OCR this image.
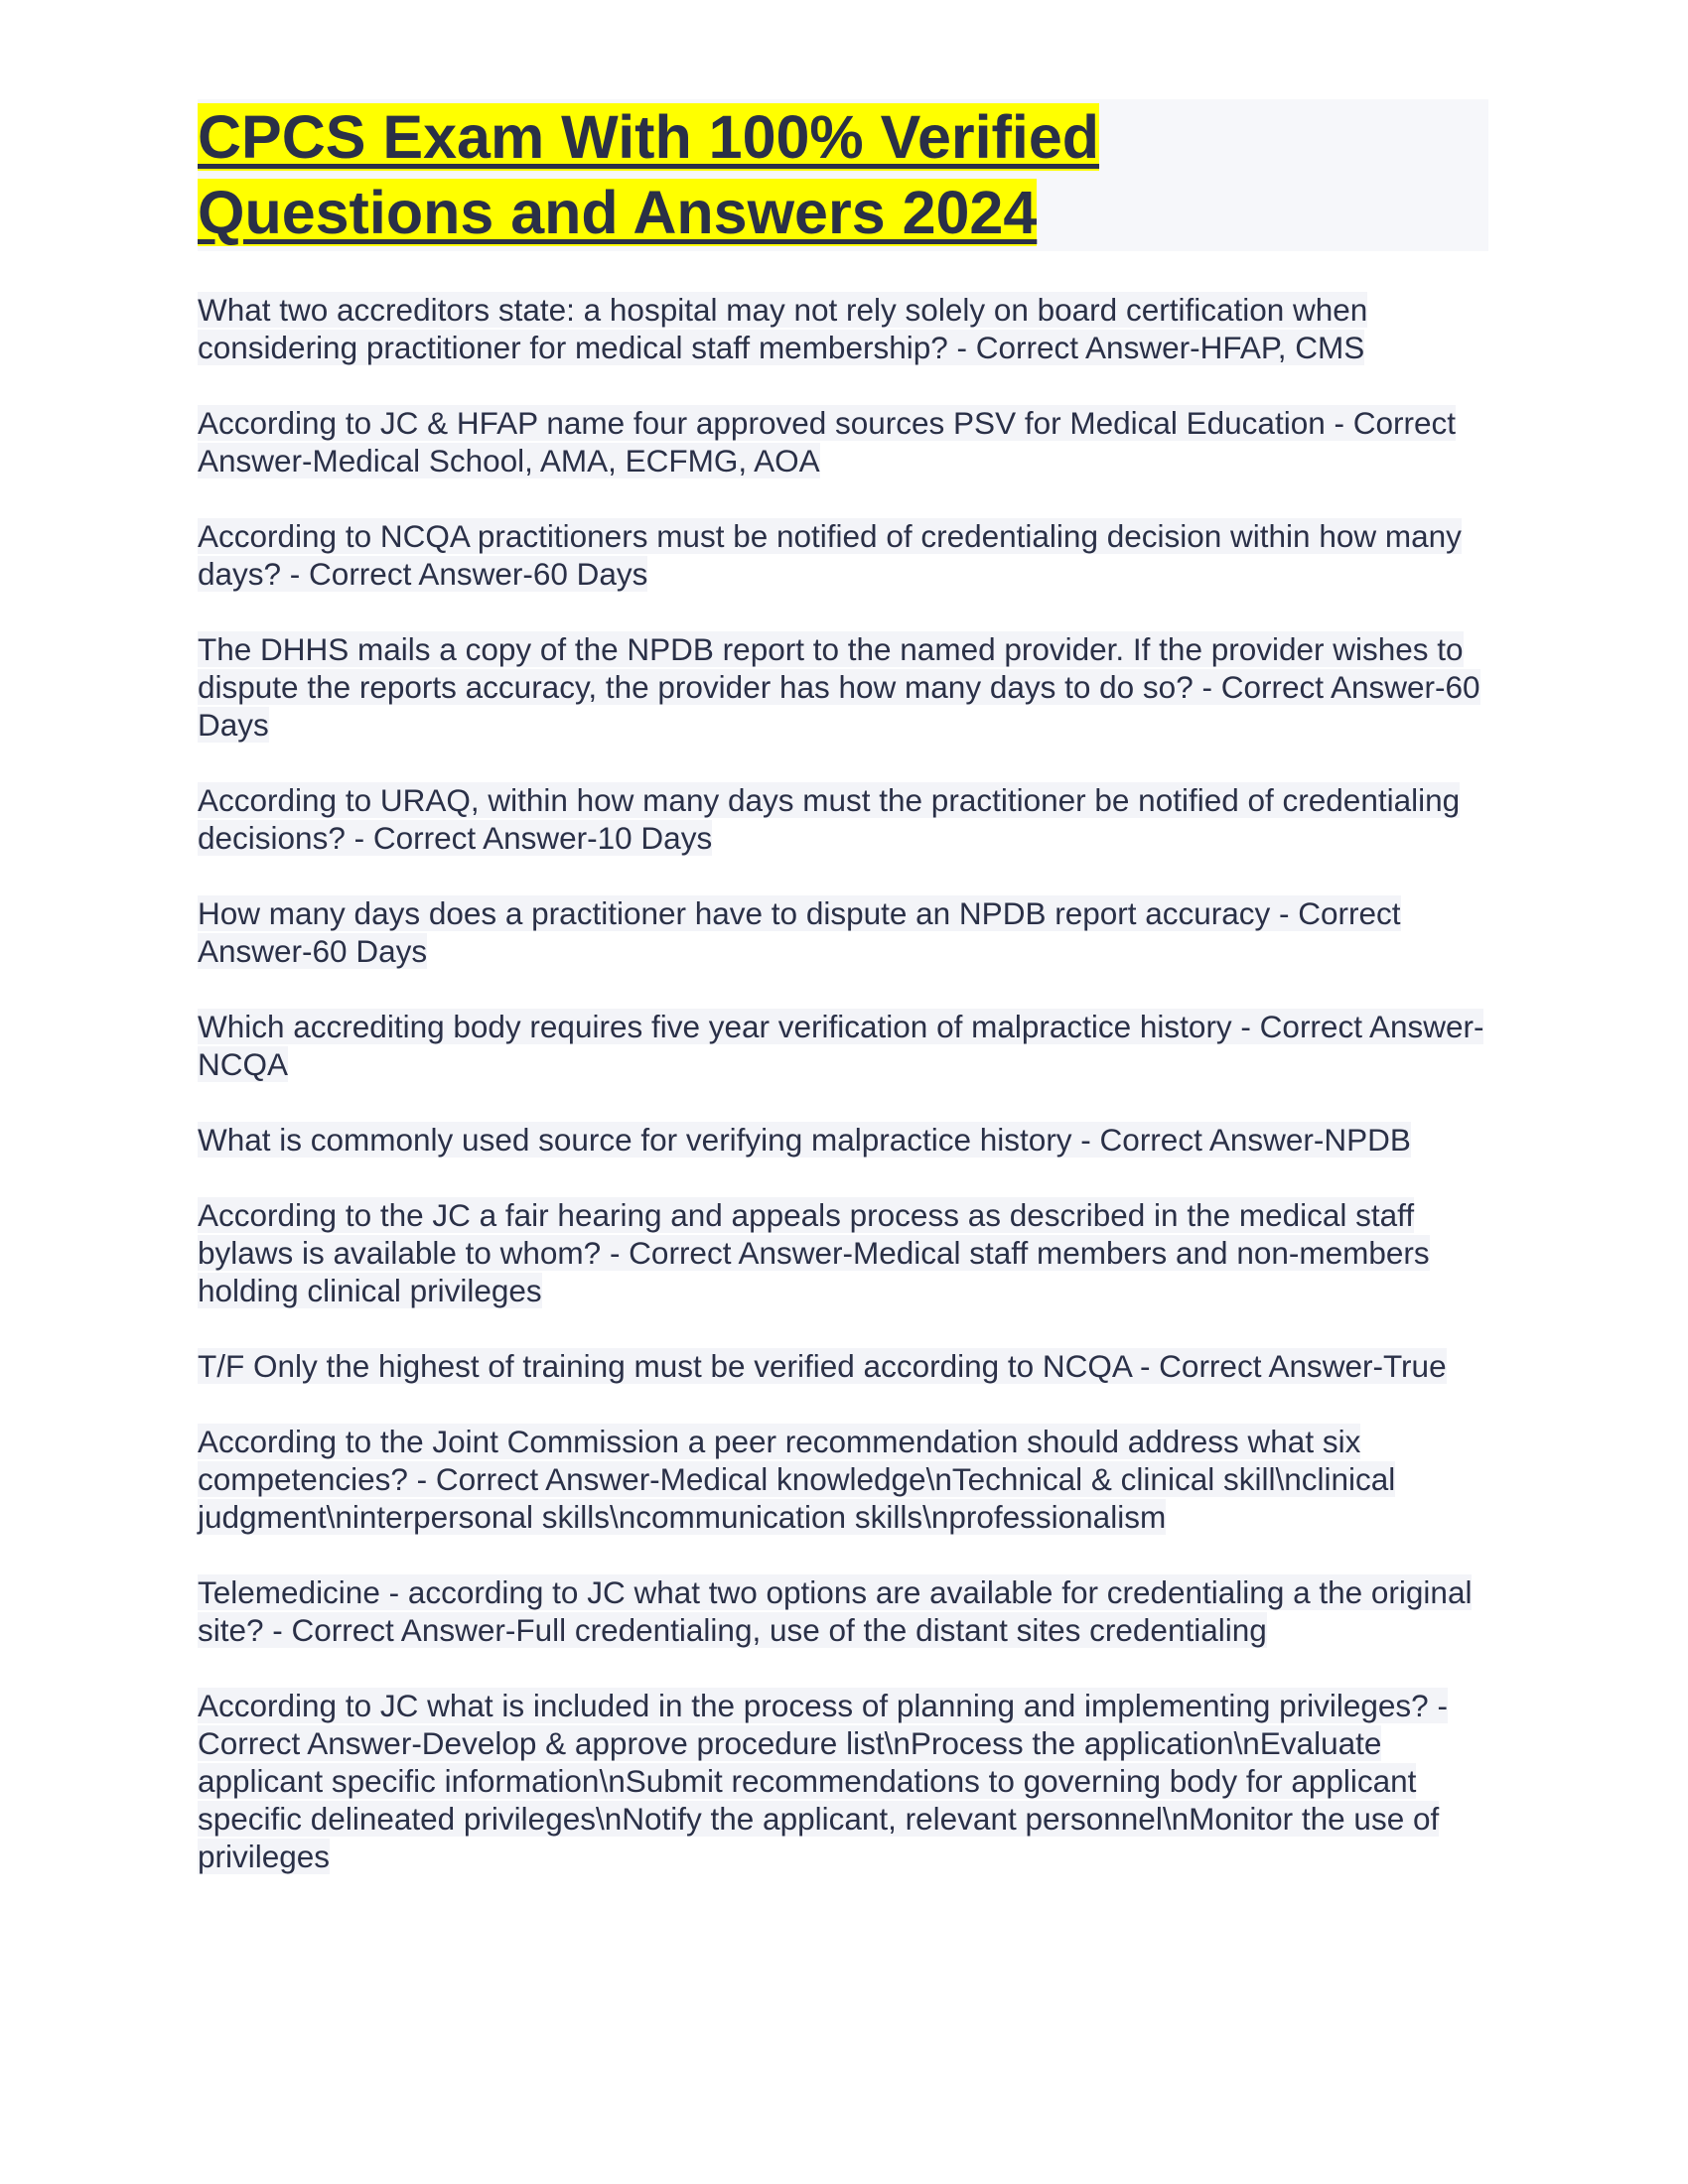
CPCS Exam With 100% Verified
Questions and Answers 2024

What two accreditors state: a hospital may not rely solely on board certification when considering practitioner for medical staff membership? - Correct Answer-HFAP, CMS

According to JC & HFAP name four approved sources PSV for Medical Education - Correct Answer-Medical School, AMA, ECFMG, AOA

According to NCQA practitioners must be notified of credentialing decision within how many days? - Correct Answer-60 Days

The DHHS mails a copy of the NPDB report to the named provider. If the provider wishes to dispute the reports accuracy, the provider has how many days to do so? - Correct Answer-60 Days

According to URAQ, within how many days must the practitioner be notified of credentialing decisions? - Correct Answer-10 Days

How many days does a practitioner have to dispute an NPDB report accuracy - Correct Answer-60 Days

Which accrediting body requires five year verification of malpractice history - Correct Answer-NCQA

What is commonly used source for verifying malpractice history - Correct Answer-NPDB

According to the JC a fair hearing and appeals process as described in the medical staff bylaws is available to whom? - Correct Answer-Medical staff members and non-members holding clinical privileges

T/F Only the highest of training must be verified according to NCQA - Correct Answer-True

According to the Joint Commission a peer recommendation should address what six competencies? - Correct Answer-Medical knowledge\nTechnical & clinical skill\nclinical judgment\ninterpersonal skills\ncommunication skills\nprofessionalism

Telemedicine - according to JC what two options are available for credentialing a the original site? - Correct Answer-Full credentialing, use of the distant sites credentialing

According to JC what is included in the process of planning and implementing privileges? - Correct Answer-Develop & approve procedure list\nProcess the application\nEvaluate applicant specific information\nSubmit recommendations to governing body for applicant specific delineated privileges\nNotify the applicant, relevant personnel\nMonitor the use of privileges
